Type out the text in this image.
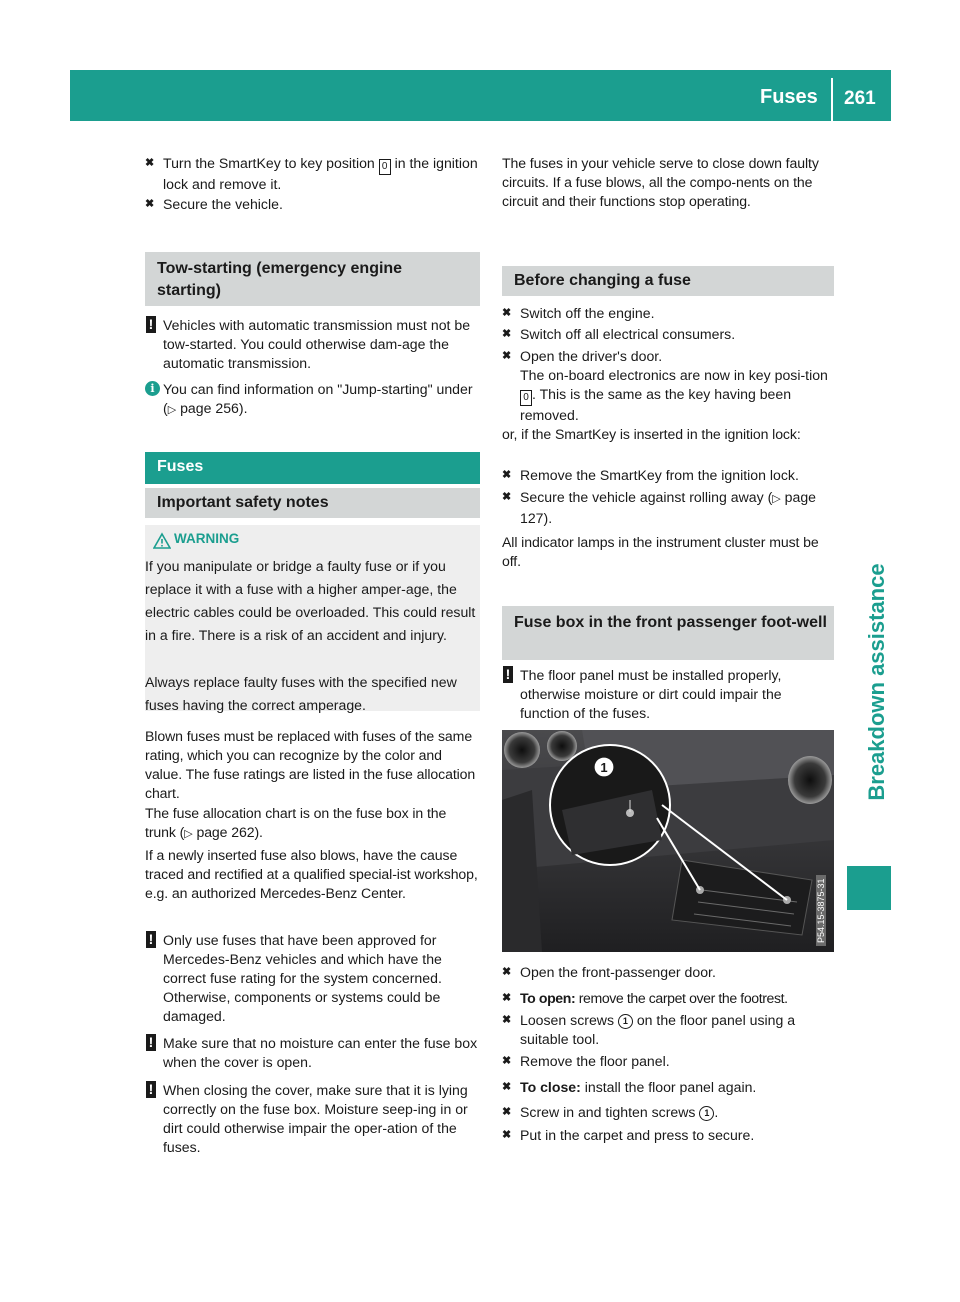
Fuses 261
Breakdown assistance
✖ Turn the SmartKey to key position 0 in the ignition lock and remove it.
✖ Secure the vehicle.
Tow-starting (emergency engine starting)
! Vehicles with automatic transmission must not be tow-started. You could otherwise dam-age the automatic transmission.
i You can find information on "Jump-starting" under (▷ page 256).
Fuses
Important safety notes
WARNING
If you manipulate or bridge a faulty fuse or if you replace it with a fuse with a higher amper-age, the electric cables could be overloaded. This could result in a fire. There is a risk of an accident and injury.
Always replace faulty fuses with the specified new fuses having the correct amperage.
Blown fuses must be replaced with fuses of the same rating, which you can recognize by the color and value. The fuse ratings are listed in the fuse allocation chart.
The fuse allocation chart is on the fuse box in the trunk (▷ page 262).
If a newly inserted fuse also blows, have the cause traced and rectified at a qualified special-ist workshop, e.g. an authorized Mercedes-Benz Center.
! Only use fuses that have been approved for Mercedes-Benz vehicles and which have the correct fuse rating for the system concerned. Otherwise, components or systems could be damaged.
! Make sure that no moisture can enter the fuse box when the cover is open.
! When closing the cover, make sure that it is lying correctly on the fuse box. Moisture seep-ing in or dirt could otherwise impair the oper-ation of the fuses.
The fuses in your vehicle serve to close down faulty circuits. If a fuse blows, all the compo-nents on the circuit and their functions stop operating.
Before changing a fuse
✖ Switch off the engine.
✖ Switch off all electrical consumers.
✖ Open the driver's door.
The on-board electronics are now in key posi-tion 0 . This is the same as the key having been removed.
or, if the SmartKey is inserted in the ignition lock:
✖ Remove the SmartKey from the ignition lock.
✖ Secure the vehicle against rolling away (▷ page 127).
All indicator lamps in the instrument cluster must be off.
Fuse box in the front passenger foot-well
! The floor panel must be installed properly, otherwise moisture or dirt could impair the function of the fuses.
1
P54.15-3875-31
✖ Open the front-passenger door.
✖ To open: remove the carpet over the footrest.
✖ Loosen screws 1 on the floor panel using a suitable tool.
✖ Remove the floor panel.
✖ To close: install the floor panel again.
✖ Screw in and tighten screws 1 .
✖ Put in the carpet and press to secure.
